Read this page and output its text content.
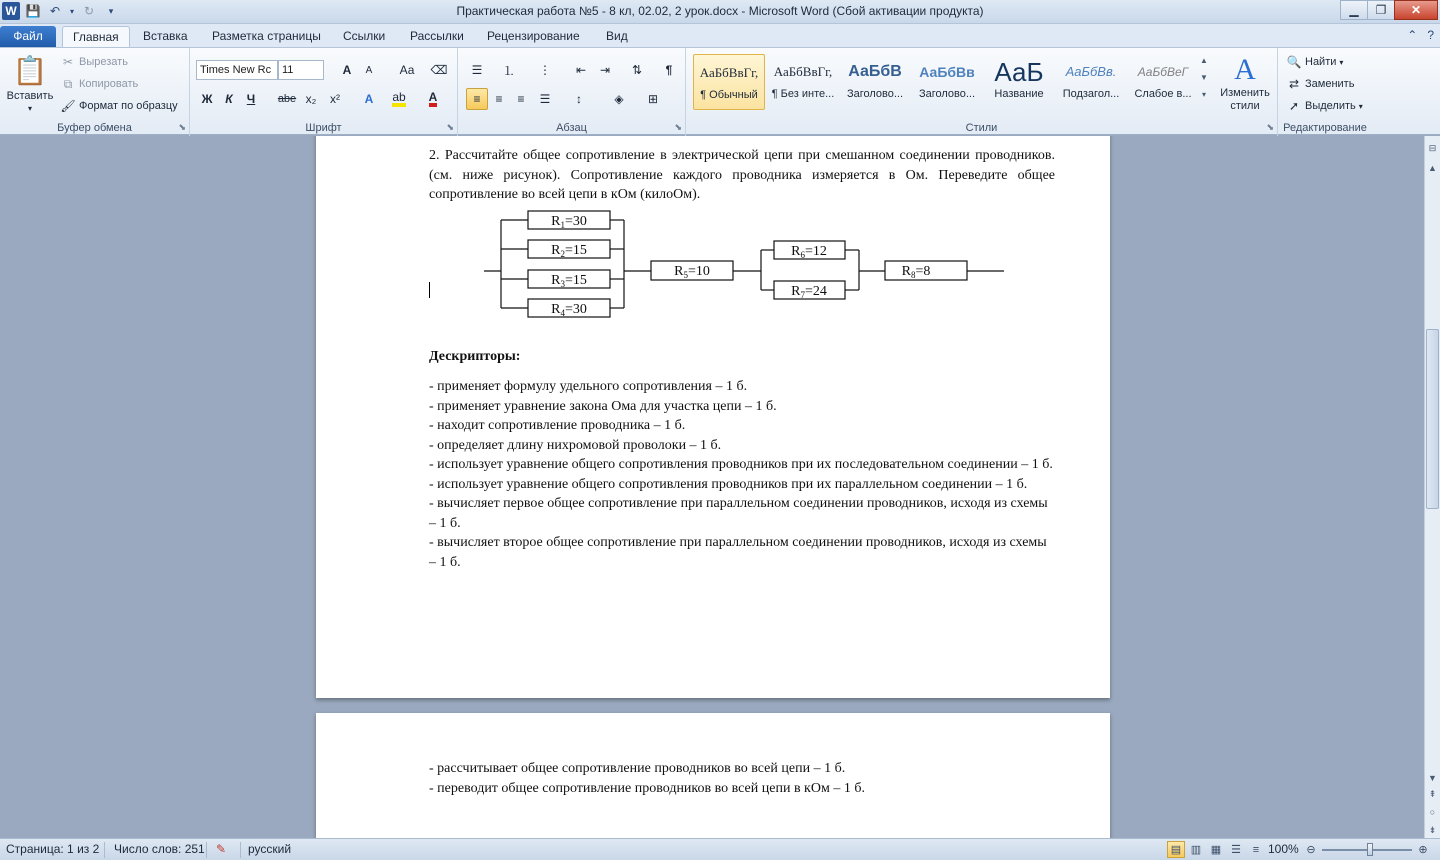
W 💾 ↶	▾ ↻	▾	Практическая работа №5 - 8 кл, 02.02, 2 урок.docx - Microsoft Word (Сбой активации продукта)	▁	❐	✕
Файл	Главная	Вставка	Разметка страницы	Ссылки	Рассылки	Рецензирование	Вид	⌃ ?
📋
Вставить
▾
✂ Вырезать
⧉ Копировать
🖌 Формат по образцу
Буфер обмена	⬊
Times New Rc 11	A	A	Аа	⌫
Ж	К	Ч	abe x₂	x²	A	ab A
Шрифт	⬊
☰	⒈	⋮	⇤	⇥	⇅	¶
≡	≡	≡	☰	↕	◈	⊞
Абзац	⬊	Стили	⬊
АаБбВвГг,
¶ Обычный
АаБбВвГг,
¶ Без инте...
АаБбВ
Заголово...
АаБбВв
Заголово...
АаБ
Название
АаБбВв.
Подзагол...
АаБбВеГ
Слабое в...
▲
▼
▾
A
Изменить стили
🔍 Найти ▾
⇄ Заменить
➚ Выделить ▾
Редактирование
2. Рассчитайте общее сопротивление в электрической цепи при смешанном соединении проводников. (см. ниже рисунок). Сопротивление каждого проводника измеряется в Ом. Переведите общее сопротивление во всей цепи в кОм (килоОм).
$R_1=30$
$R_2=15$
$R_3=15$
$R_4=30$
$R_5=10$
$R_6=12$
$R_7=24$
$R_8=8$
Дескрипторы:
- применяет формулу удельного сопротивления – 1 б.
- применяет уравнение закона Ома для участка цепи – 1 б.
- находит сопротивление проводника – 1 б.
- определяет длину нихромовой проволоки – 1 б.
- использует уравнение общего сопротивления проводников при их последовательном соединении – 1 б.
- использует уравнение общего сопротивления проводников при их параллельном соединении – 1 б.
- вычисляет первое общее сопротивление при параллельном соединении проводников, исходя из схемы – 1 б.
- вычисляет второе общее сопротивление при параллельном соединении проводников, исходя из схемы – 1 б.
- рассчитывает общее сопротивление проводников во всей цепи – 1 б.
- переводит общее сопротивление проводников во всей цепи в кОм – 1 б.
⊟
▲
▼
⇞
○
⇟
Страница: 1 из 2 Число слов: 251 ✎ русский	▤ ▥ ▦ ☰	≡ 100% ⊖	⊕
